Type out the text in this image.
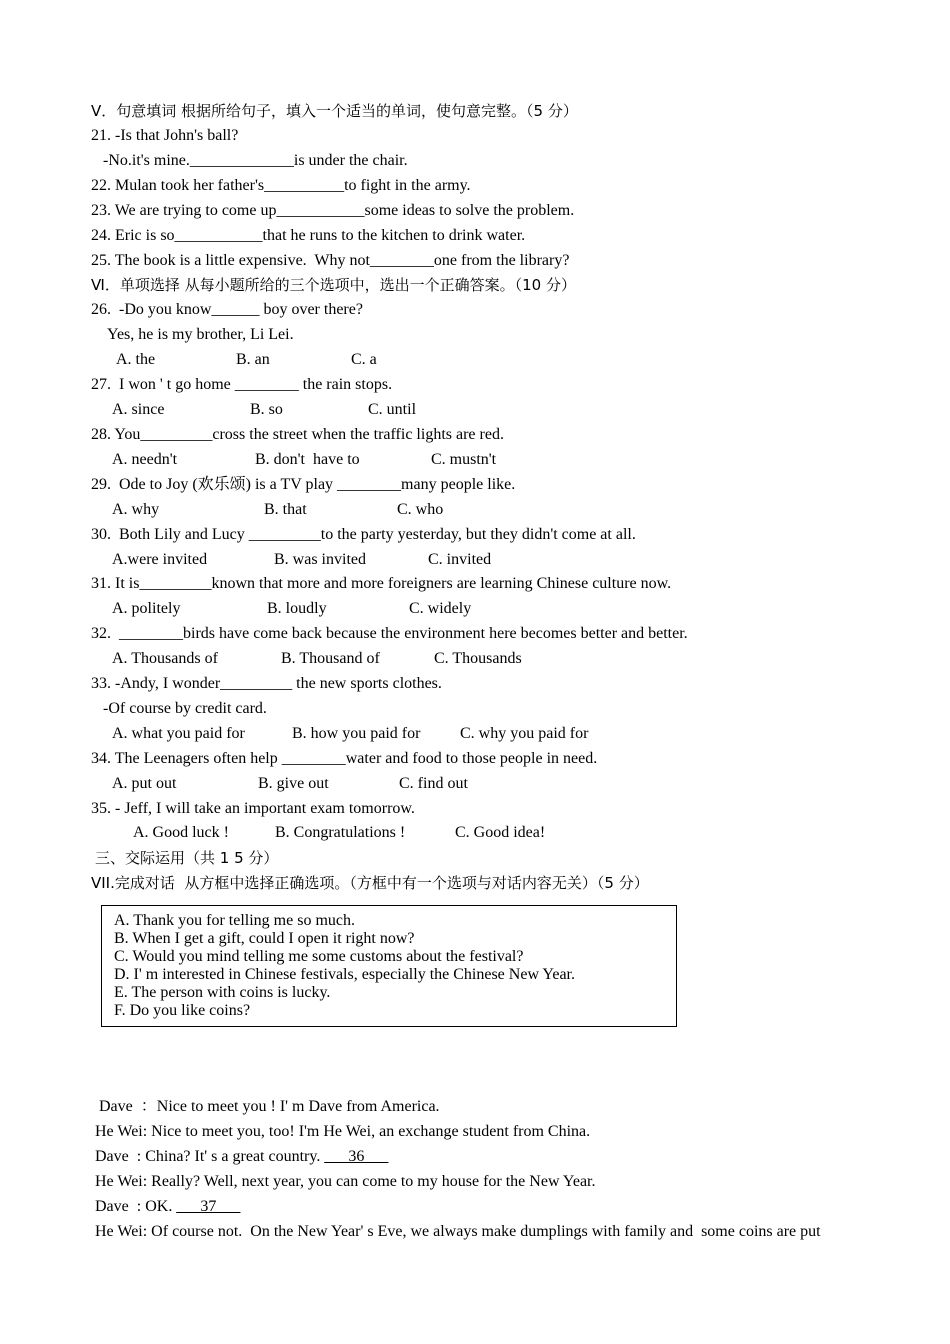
V．句意填词 根据所给句子，填入一个适当的单词，使句意完整。（5 分）
21. -Is that John's ball?
-No.it's mine._____________is under the chair.
22. Mulan took her father's__________to fight in the army.
23. We are trying to come up___________some ideas to solve the problem.
24. Eric is so___________that he runs to the kitchen to drink water.
25. The book is a little expensive.  Why not________one from the library?
Ⅵ．单项选择 从每小题所给的三个选项中，选出一个正确答案。（10 分）
26.  -Do you know______ boy over there?
Yes, he is my brother, Li Lei.
A. the	B. an	C. a
27.  I won ' t go home ________ the rain stops.
A. since	B. so	C. until
28. You_________cross the street when the traffic lights are red.
A. needn't	B. don't  have to	C. mustn't
29.  Ode to Joy (欢乐颂) is a TV play ________many people like.
A. why	B. that	C. who
30.  Both Lily and Lucy _________to the party yesterday, but they didn't come at all.
A.were invited	B. was invited	C. invited
31. It is_________known that more and more foreigners are learning Chinese culture now.
A. politely	B. loudly	C. widely
32.  ________birds have come back because the environment here becomes better and better.
A. Thousands of	B. Thousand of	C. Thousands
33. -Andy, I wonder_________ the new sports clothes.
-Of course by credit card.
A. what you paid for	B. how you paid for C. why you paid for
34. The Leenagers often help ________water and food to those people in need.
A. put out	B. give out	C. find out
35. - Jeff, I will take an important exam tomorrow.
A. Good luck !	B. Congratulations !	C. Good idea!
三、交际运用（共 1 5 分）
VII.完成对话  从方框中选择正确选项。（方框中有一个选项与对话内容无关）（5 分）
A. Thank you for telling me so much.
B. When I get a gift, could I open it right now?
C. Would you mind telling me some customs about the festival?
D. I' m interested in Chinese festivals, especially the Chinese New Year.
E. The person with coins is lucky.
F. Do you like coins?
Dave  ：Nice to meet you ! I' m Dave from America.
He Wei: Nice to meet you, too! I'm He Wei, an exchange student from China.
Dave  : China? It' s a great country. ___36___
He Wei: Really? Well, next year, you can come to my house for the New Year.
Dave  : OK. ___37___
He Wei: Of course not.  On the New Year' s Eve, we always make dumplings with family and  some coins are put
